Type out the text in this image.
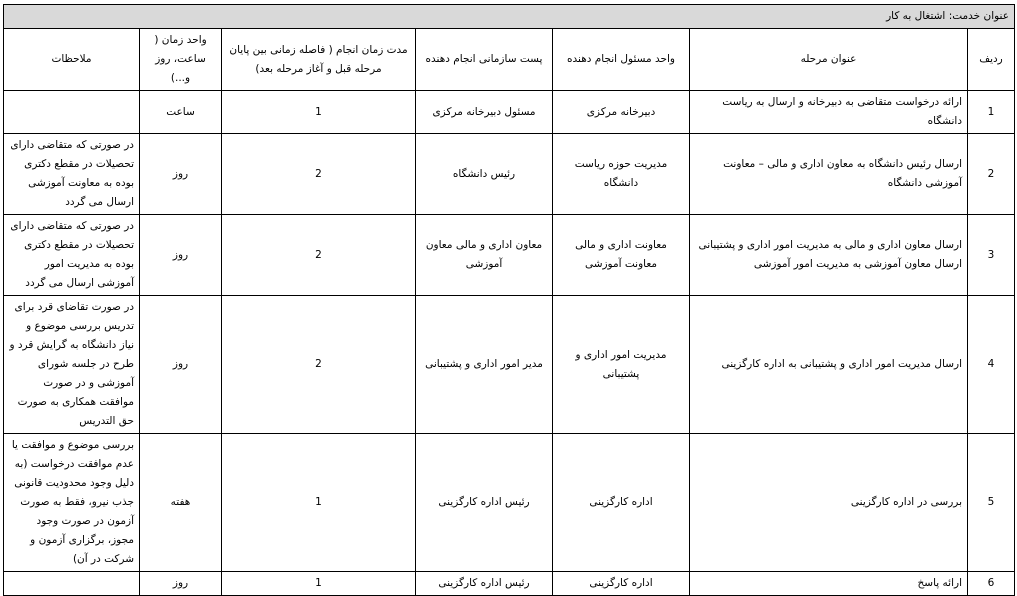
عنوان خدمت: اشتغال به کار						
ردیف	عنوان مرحله	واحد مسئول انجام دهنده	پست سازمانی انجام دهنده	مدت زمان انجام ( فاصله زمانی بین پایان مرحله قبل و آغاز مرحله بعد)	واحد زمان ( ساعت، روز و...)	ملاحظات
1	ارائه درخواست متقاضی به دبیرخانه و ارسال به ریاست دانشگاه	دبیرخانه مرکزی	مسئول دبیرخانه مرکزی	1	ساعت	
2	ارسال رئیس دانشگاه به معاون اداری و مالی – معاونت آموزشی دانشگاه	مدیریت حوزه ریاست دانشگاه	رئیس دانشگاه	2	روز	در صورتی که متقاضی دارای تحصیلات در مقطع دکتری بوده به معاونت آموزشی ارسال می گردد
3	ارسال معاون اداری و مالی به مدیریت امور اداری و پشتیبانی ارسال معاون آموزشی به مدیریت امور آموزشی	معاونت اداری و مالی معاونت آموزشی	معاون اداری و مالی معاون آموزشی	2	روز	در صورتی که متقاضی دارای تحصیلات در مقطع دکتری بوده به مدیریت امور آموزشی ارسال می گردد
4	ارسال مدیریت امور اداری و پشتیبانی به اداره کارگزینی	مدیریت امور اداری و پشتیبانی	مدیر امور اداری و پشتیبانی	2	روز	در صورت تقاضای قرد برای تدریس بررسی موضوع و نیاز دانشگاه به گرایش قرد و طرح در جلسه شورای آموزشی و در صورت موافقت همکاری به صورت حق التدریس
5	بررسی در اداره کارگزینی	اداره کارگزینی	رئیس اداره کارگزینی	1	هفته	بررسی موضوع و موافقت یا عدم موافقت درخواست (به دلیل وجود محدودیت قانونی جذب نیرو، فقط به صورت آزمون در صورت وجود مجوز، برگزاری آزمون و شرکت در آن)
6	ارائه پاسخ	اداره کارگزینی	رئیس اداره کارگزینی	1	روز	
